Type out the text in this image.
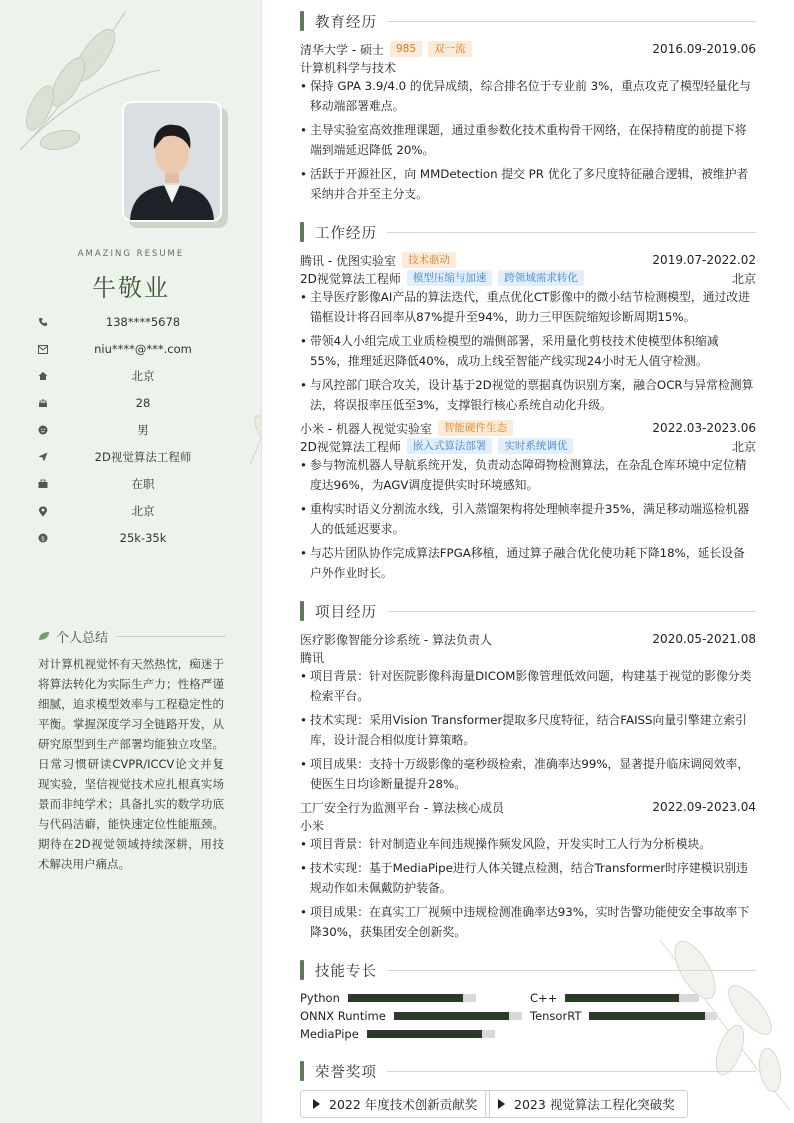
AMAZING RESUME
牛敬业
138****5678
niu****@***.com
北京
28
男
2D视觉算法工程师
在职
北京
$	25k-35k
个人总结
对计算机视觉怀有天然热忱，痴迷于将算法转化为实际生产力；性格严谨细腻，追求模型效率与工程稳定性的平衡。掌握深度学习全链路开发，从研究原型到生产部署均能独立攻坚。日常习惯研读CVPR/ICCV论文并复现实验，坚信视觉技术应扎根真实场景而非纯学术；具备扎实的数学功底与代码洁癖，能快速定位性能瓶颈。期待在2D视觉领域持续深耕，用技术解决用户痛点。
教育经历
清华大学 - 硕士	985	双一流	2016.09-2019.06
计算机科学与技术
• 保持 GPA 3.9/4.0 的优异成绩，综合排名位于专业前 3%，重点攻克了模型轻量化与移动端部署难点。
• 主导实验室高效推理课题，通过重参数化技术重构骨干网络，在保持精度的前提下将端到端延迟降低 20%。
• 活跃于开源社区，向 MMDetection 提交 PR 优化了多尺度特征融合逻辑，被维护者采纳并合并至主分支。
工作经历
腾讯 - 优图实验室	技术驱动	2019.07-2022.02
2D视觉算法工程师	模型压缩与加速	跨领域需求转化	北京
• 主导医疗影像AI产品的算法迭代，重点优化CT影像中的微小结节检测模型，通过改进锚框设计将召回率从87%提升至94%，助力三甲医院缩短诊断周期15%。
• 带领4人小组完成工业质检模型的端侧部署，采用量化剪枝技术使模型体积缩减55%，推理延迟降低40%，成功上线至智能产线实现24小时无人值守检测。
• 与风控部门联合攻关，设计基于2D视觉的票据真伪识别方案，融合OCR与异常检测算法，将误报率压低至3%，支撑银行核心系统自动化升级。
小米 - 机器人视觉实验室	智能硬件生态	2022.03-2023.06
2D视觉算法工程师	嵌入式算法部署	实时系统调优	北京
• 参与物流机器人导航系统开发，负责动态障碍物检测算法，在杂乱仓库环境中定位精度达96%，为AGV调度提供实时环境感知。
• 重构实时语义分割流水线，引入蒸馏架构将处理帧率提升35%，满足移动端巡检机器人的低延迟要求。
• 与芯片团队协作完成算法FPGA移植，通过算子融合优化使功耗下降18%，延长设备户外作业时长。
项目经历
医疗影像智能分诊系统 - 算法负责人	2020.05-2021.08
腾讯
• 项目背景：针对医院影像科海量DICOM影像管理低效问题，构建基于视觉的影像分类检索平台。
• 技术实现：采用Vision Transformer提取多尺度特征，结合FAISS向量引擎建立索引库，设计混合相似度计算策略。
• 项目成果：支持十万级影像的毫秒级检索，准确率达99%，显著提升临床调阅效率，使医生日均诊断量提升28%。
工厂安全行为监测平台 - 算法核心成员	2022.09-2023.04
小米
• 项目背景：针对制造业车间违规操作频发风险，开发实时工人行为分析模块。
• 技术实现：基于MediaPipe进行人体关键点检测，结合Transformer时序建模识别违规动作如未佩戴防护装备。
• 项目成果：在真实工厂视频中违规检测准确率达93%，实时告警功能使安全事故率下降30%，获集团安全创新奖。
技能专长
Python	C++
ONNX Runtime	TensorRT
MediaPipe
荣誉奖项
2022 年度技术创新贡献奖	2023 视觉算法工程化突破奖
